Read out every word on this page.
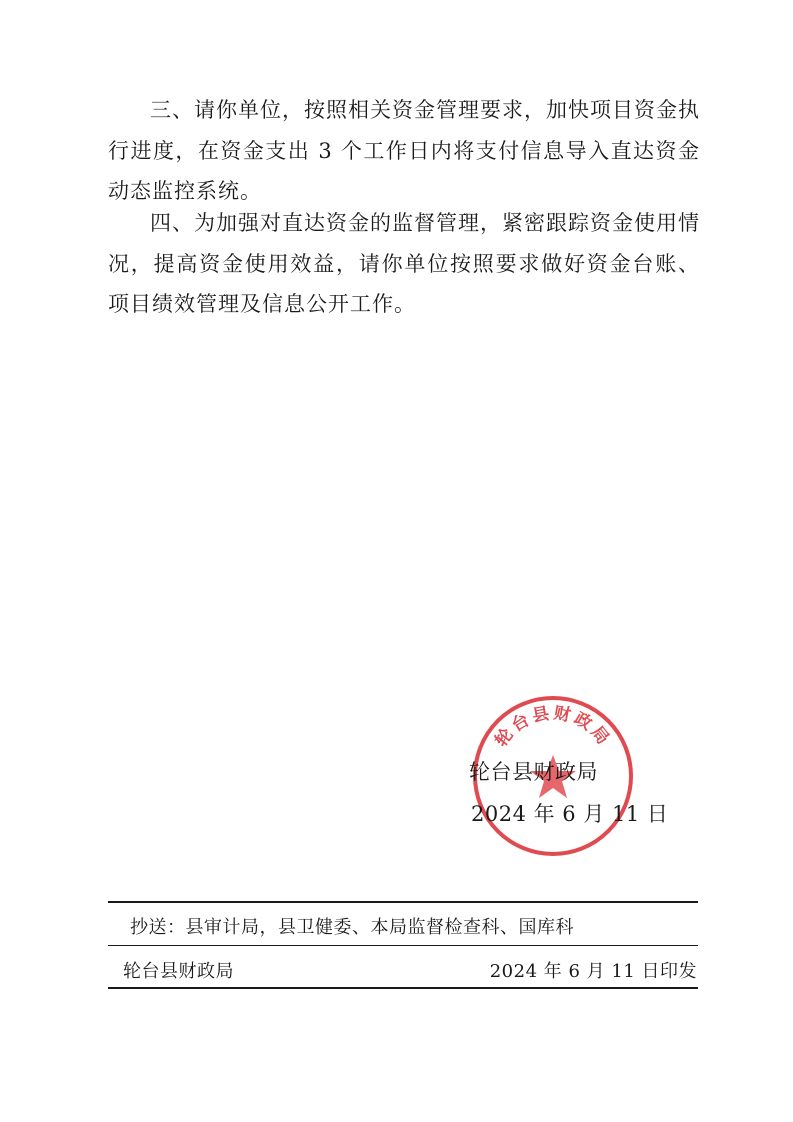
三、请你单位，按照相关资金管理要求，加快项目资金执行进度，在资金支出 3 个工作日内将支付信息导入直达资金动态监控系统。

四、为加强对直达资金的监督管理，紧密跟踪资金使用情况，提高资金使用效益，请你单位按照要求做好资金台账、项目绩效管理及信息公开工作。

轮台县财政局
轮台县财政局
2024 年 6 月 11 日
抄送：县审计局，县卫健委、本局监督检查科、国库科
轮台县财政局	2024 年 6 月 11 日印发
